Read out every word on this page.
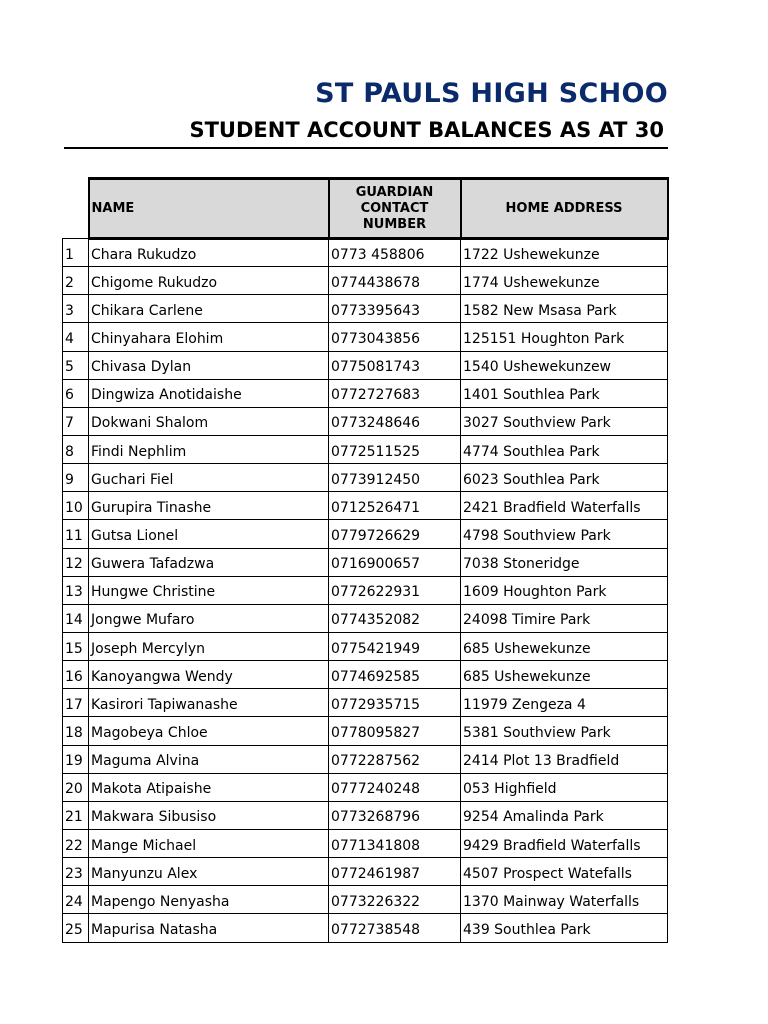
ST PAULS HIGH SCHOO
STUDENT ACCOUNT BALANCES AS AT 30
	NAME	GUARDIAN CONTACT NUMBER	HOME ADDRESS
1	Chara Rukudzo	0773 458806	1722 Ushewekunze
2	Chigome Rukudzo	0774438678	1774 Ushewekunze
3	Chikara Carlene	0773395643	1582 New Msasa Park
4	Chinyahara Elohim	0773043856	125151 Houghton Park
5	Chivasa Dylan	0775081743	1540 Ushewekunzew
6	Dingwiza Anotidaishe	0772727683	1401 Southlea Park
7	Dokwani Shalom	0773248646	3027 Southview Park
8	Findi Nephlim	0772511525	4774 Southlea Park
9	Guchari Fiel	0773912450	6023 Southlea Park
10	Gurupira Tinashe	0712526471	2421 Bradfield Waterfalls
11	Gutsa Lionel	0779726629	4798 Southview Park
12	Guwera Tafadzwa	0716900657	7038 Stoneridge
13	Hungwe Christine	0772622931	1609 Houghton Park
14	Jongwe Mufaro	0774352082	24098 Timire Park
15	Joseph Mercylyn	0775421949	685 Ushewekunze
16	Kanoyangwa Wendy	0774692585	685 Ushewekunze
17	Kasirori Tapiwanashe	0772935715	11979 Zengeza 4
18	Magobeya Chloe	0778095827	5381 Southview Park
19	Maguma Alvina	0772287562	2414 Plot 13 Bradfield
20	Makota Atipaishe	0777240248	053 Highfield
21	Makwara Sibusiso	0773268796	9254 Amalinda Park
22	Mange Michael	0771341808	9429 Bradfield Waterfalls
23	Manyunzu Alex	0772461987	4507 Prospect Watefalls
24	Mapengo Nenyasha	0773226322	1370 Mainway Waterfalls
25	Mapurisa Natasha	0772738548	439 Southlea Park
